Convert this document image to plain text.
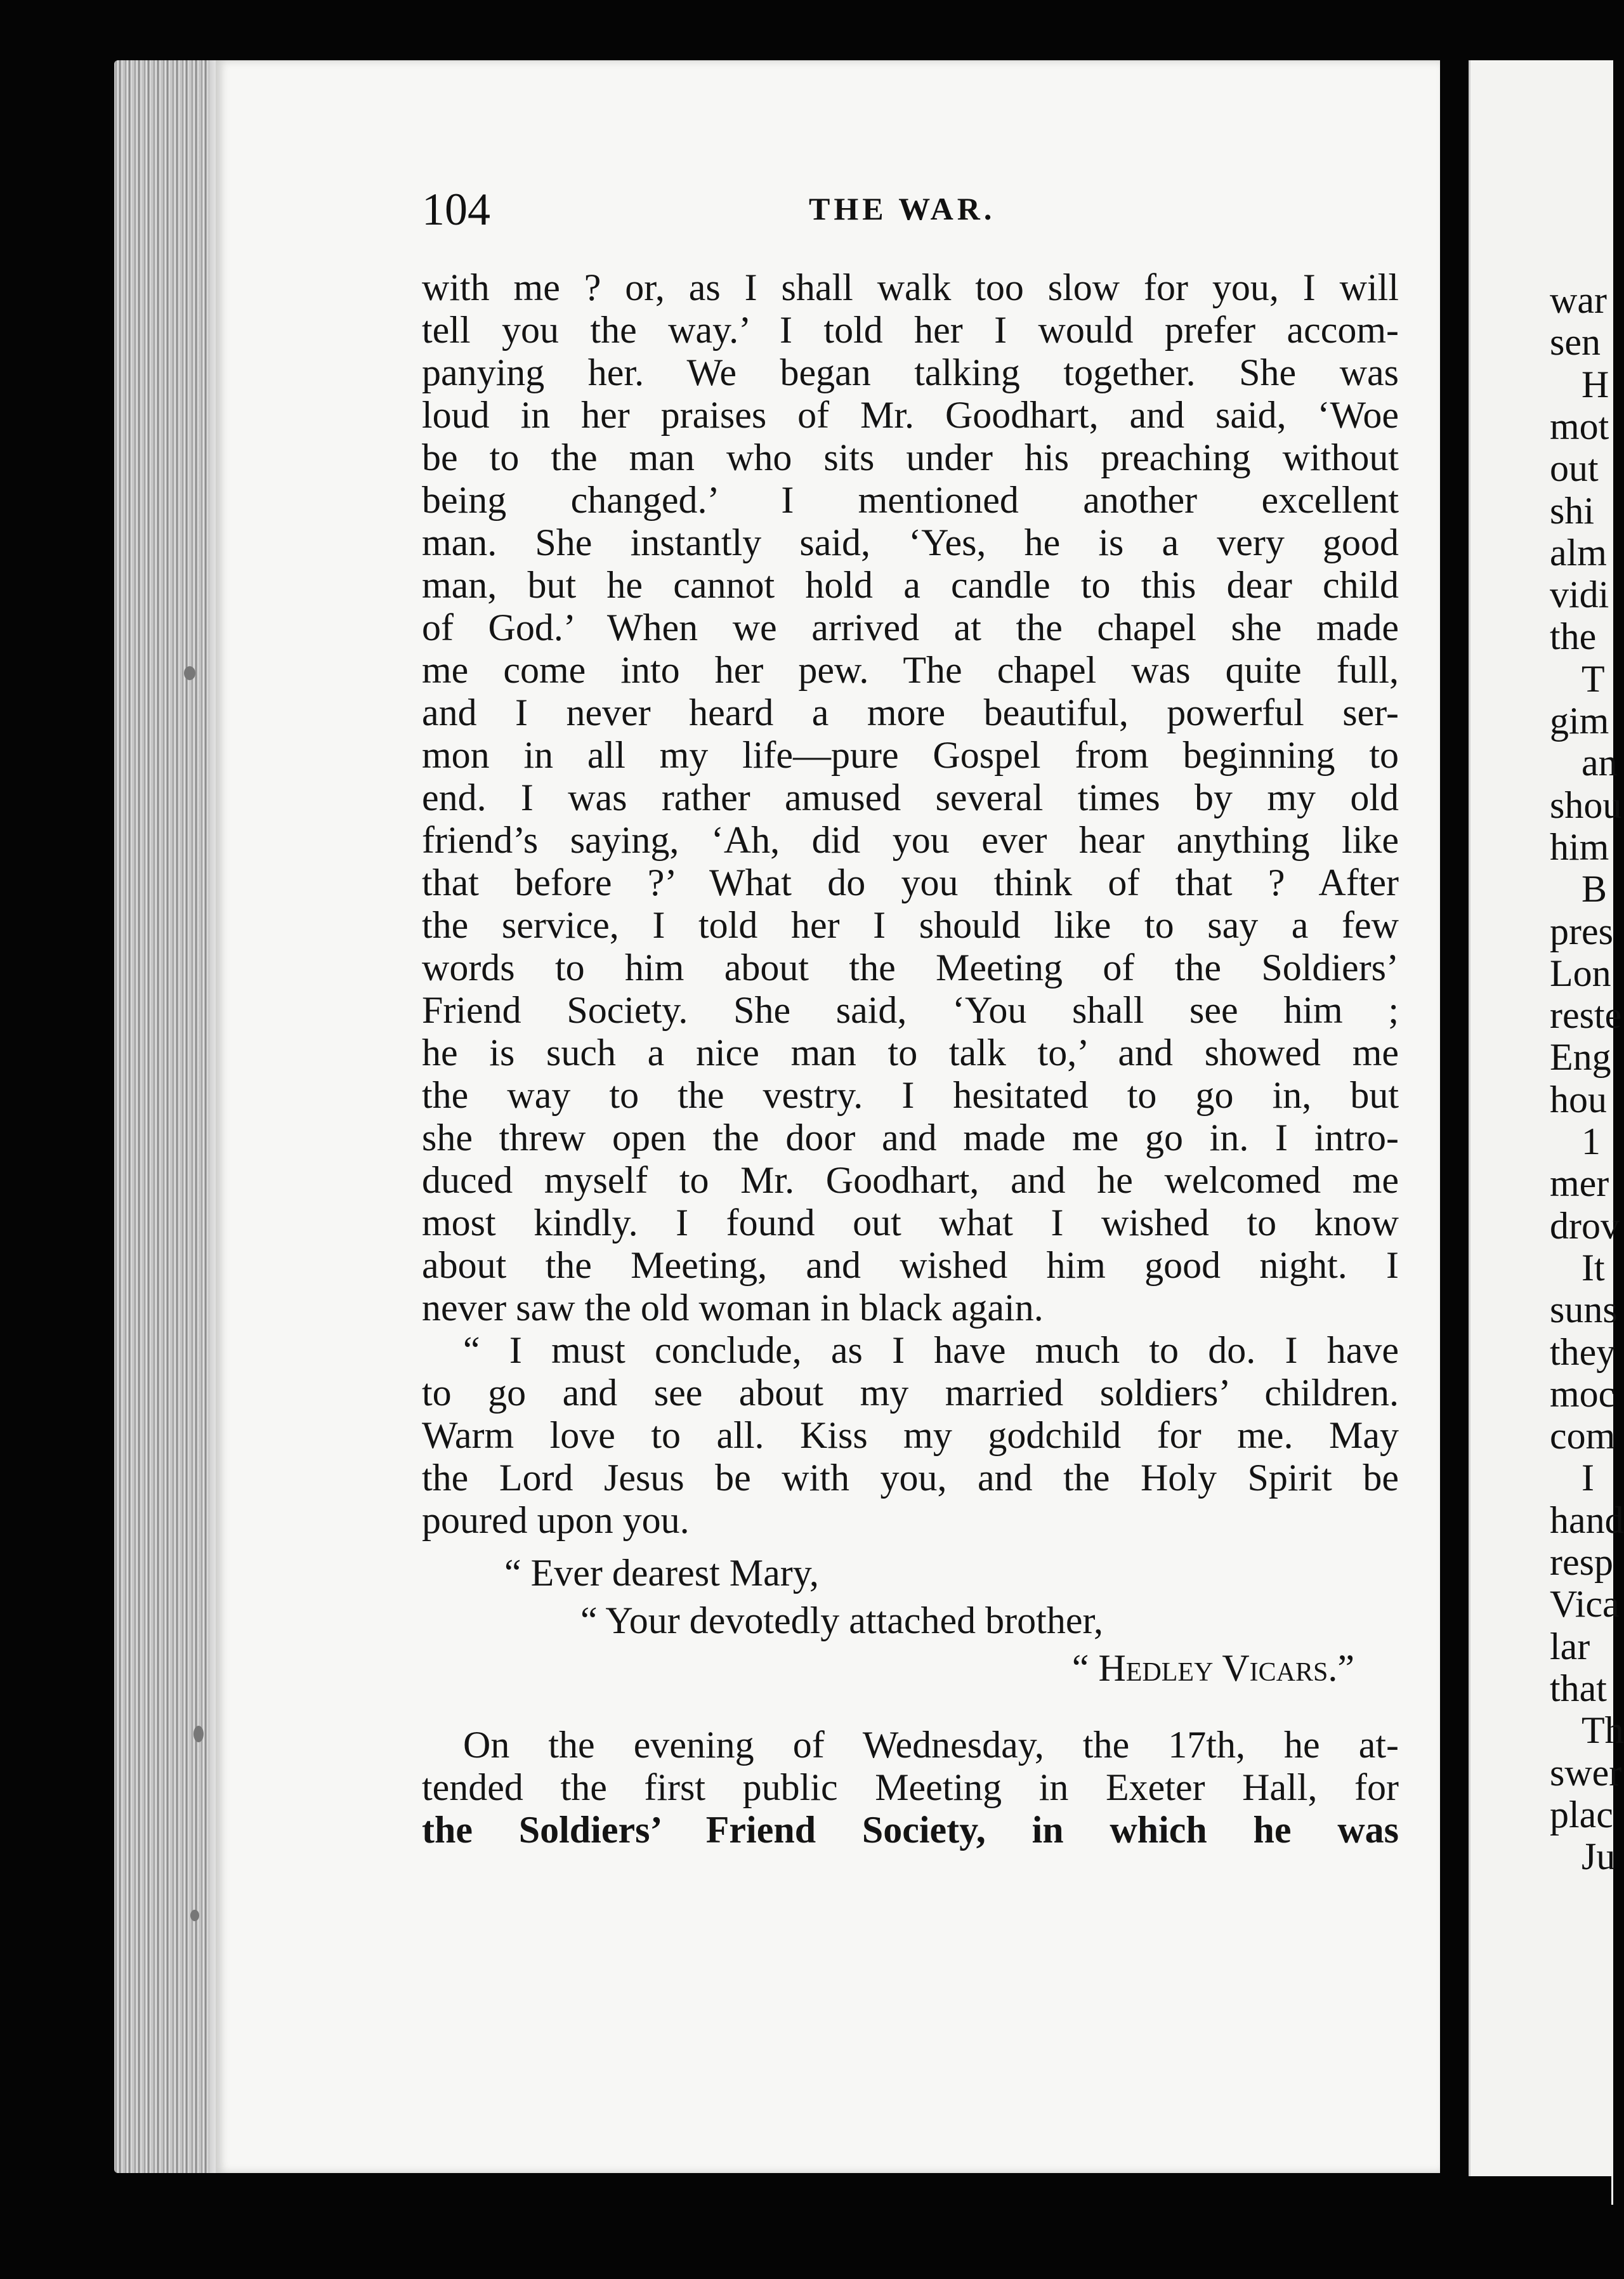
war
sen
H
mot
out
shi
alm
vidi
the
T
gim
an
shou
him
B
pres
Lon
reste
Eng
hou
1
mer
drov
It
suns
they
moc
com
I
hand
resp
Vica
lar
that
Th
swer
plac
Ju
104	THE WAR.
with me ? or, as I shall walk too slow for you, I will
tell you the way.’ I told her I would prefer accom-
panying her. We began talking together. She was
loud in her praises of Mr. Goodhart, and said, ‘Woe
be to the man who sits under his preaching without
being changed.’ I mentioned another excellent
man. She instantly said, ‘Yes, he is a very good
man, but he cannot hold a candle to this dear child
of God.’ When we arrived at the chapel she made
me come into her pew. The chapel was quite full,
and I never heard a more beautiful, powerful ser-
mon in all my life—pure Gospel from beginning to
end. I was rather amused several times by my old
friend’s saying, ‘Ah, did you ever hear anything like
that before ?’ What do you think of that ? After
the service, I told her I should like to say a few
words to him about the Meeting of the Soldiers’
Friend Society. She said, ‘You shall see him ;
he is such a nice man to talk to,’ and showed me
the way to the vestry. I hesitated to go in, but
she threw open the door and made me go in. I intro-
duced myself to Mr. Goodhart, and he welcomed me
most kindly. I found out what I wished to know
about the Meeting, and wished him good night. I
never saw the old woman in black again.
“ I must conclude, as I have much to do. I have
to go and see about my married soldiers’ children.
Warm love to all. Kiss my godchild for me. May
the Lord Jesus be with you, and the Holy Spirit be
poured upon you.
“ Ever dearest Mary,
“ Your devotedly attached brother,
“ Hedley Vicars.”
On the evening of Wednesday, the 17th, he at-
tended the first public Meeting in Exeter Hall, for
the Soldiers’ Friend Society, in which he was
